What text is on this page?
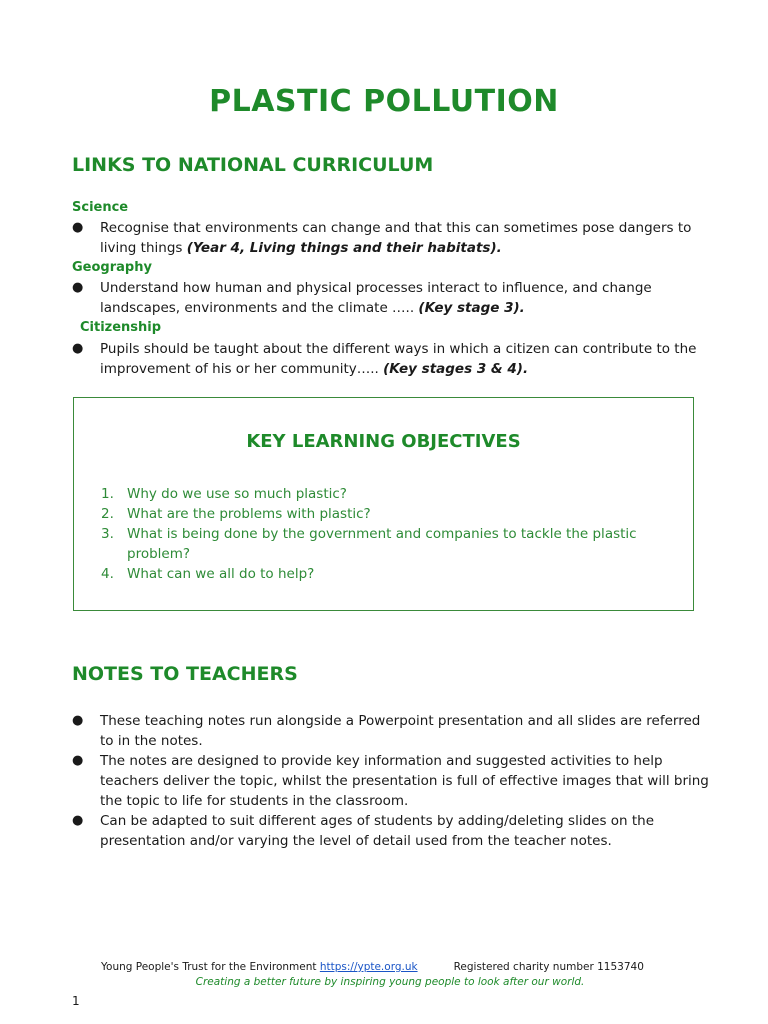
PLASTIC POLLUTION
LINKS TO NATIONAL CURRICULUM
Science
● Recognise that environments can change and that this can sometimes pose dangers to living things (Year 4, Living things and their habitats).
Geography
● Understand how human and physical processes interact to influence, and change landscapes, environments and the climate ….. (Key stage 3).
Citizenship
● Pupils should be taught about the different ways in which a citizen can contribute to the improvement of his or her community….. (Key stages 3 & 4).
KEY LEARNING OBJECTIVES
1. Why do we use so much plastic?
2. What are the problems with plastic?
3. What is being done by the government and companies to tackle the plastic problem?
4. What can we all do to help?
NOTES TO TEACHERS
● These teaching notes run alongside a Powerpoint presentation and all slides are referred to in the notes.
● The notes are designed to provide key information and suggested activities to help teachers deliver the topic, whilst the presentation is full of effective images that will bring the topic to life for students in the classroom.
● Can be adapted to suit different ages of students by adding/deleting slides on the presentation and/or varying the level of detail used from the teacher notes.
Young People's Trust for the Environment https://ypte.org.uk	Registered charity number 1153740
Creating a better future by inspiring young people to look after our world.
1
